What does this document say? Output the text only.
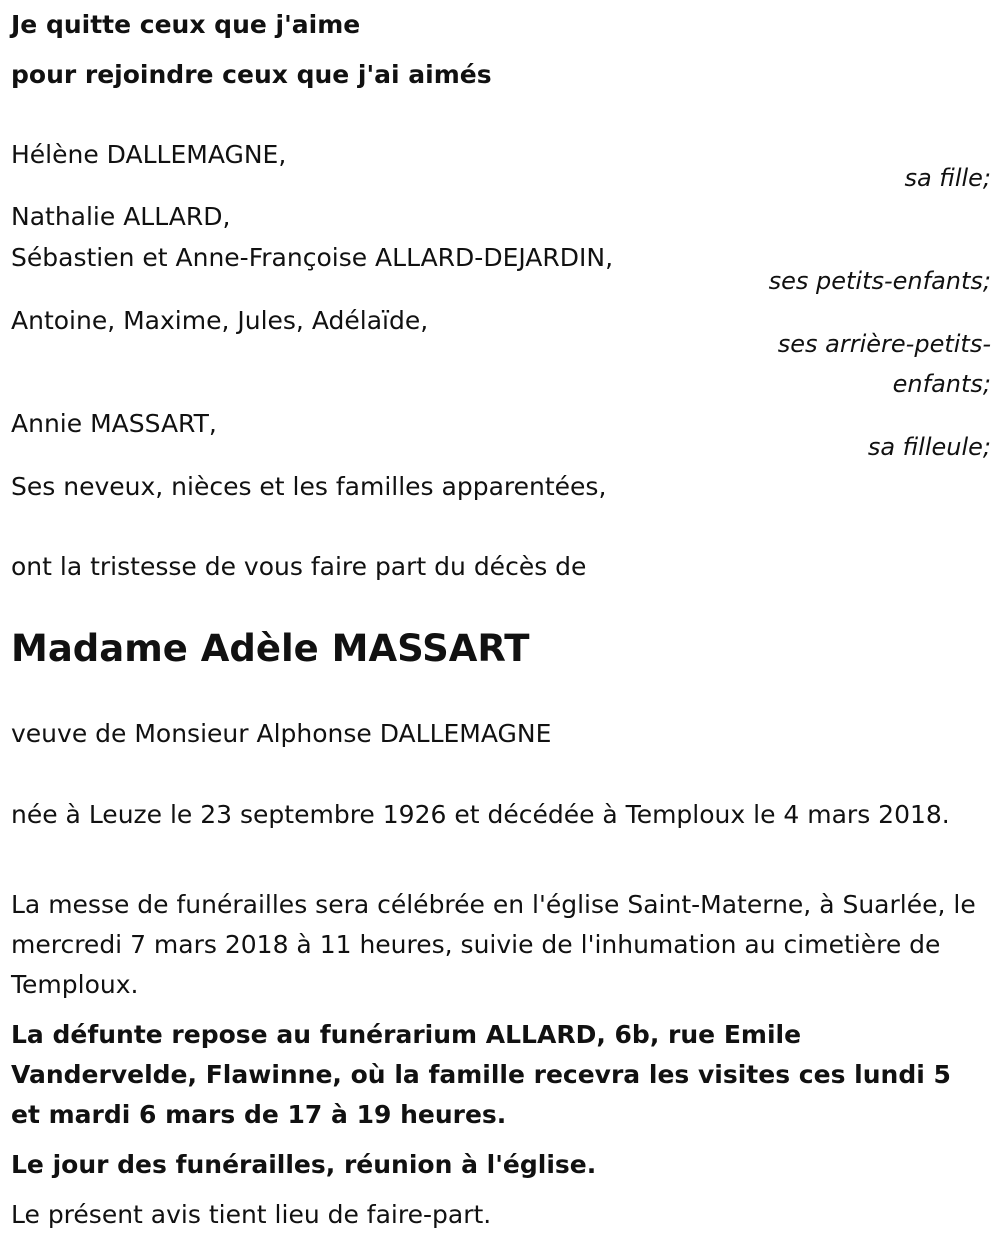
Je quitte ceux que j'aime
pour rejoindre ceux que j'ai aimés
Hélène DALLEMAGNE,
sa fille;
Nathalie ALLARD,
Sébastien et Anne-Françoise ALLARD-DEJARDIN,
ses petits-enfants;
Antoine, Maxime, Jules, Adélaïde,
ses arrière-petits-
enfants;
Annie MASSART,
sa filleule;
Ses neveux, nièces et les familles apparentées,
ont la tristesse de vous faire part du décès de
Madame Adèle MASSART
veuve de Monsieur Alphonse DALLEMAGNE
née à Leuze le 23 septembre 1926 et décédée à Temploux le 4 mars 2018.
La messe de funérailles sera célébrée en l'église Saint-Materne, à Suarlée, le mercredi 7 mars 2018 à 11 heures, suivie de l'inhumation au cimetière de Temploux.
La défunte repose au funérarium ALLARD, 6b, rue Emile Vandervelde, Flawinne, où la famille recevra les visites ces lundi 5 et mardi 6 mars de 17 à 19 heures.
Le jour des funérailles, réunion à l'église.
Le présent avis tient lieu de faire-part.
